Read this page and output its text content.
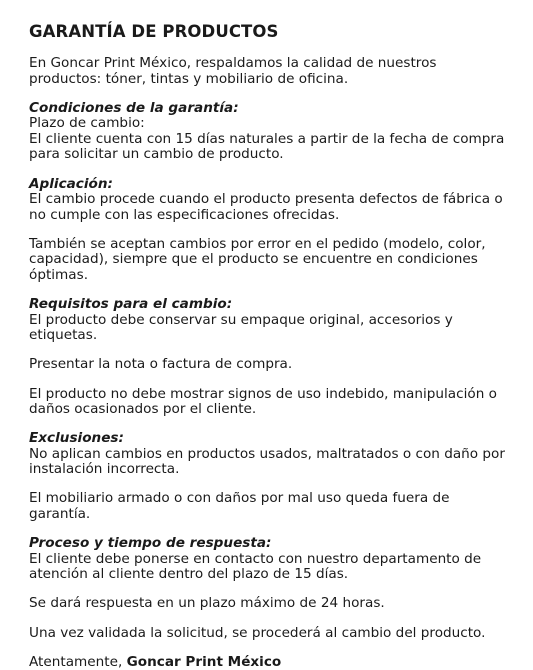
GARANTÍA DE PRODUCTOS
En Goncar Print México, respaldamos la calidad de nuestros productos: tóner, tintas y mobiliario de oficina.
Condiciones de la garantía:
Plazo de cambio:
El cliente cuenta con 15 días naturales a partir de la fecha de compra para solicitar un cambio de producto.
Aplicación:
El cambio procede cuando el producto presenta defectos de fábrica o no cumple con las especificaciones ofrecidas.
También se aceptan cambios por error en el pedido (modelo, color, capacidad), siempre que el producto se encuentre en condiciones óptimas.
Requisitos para el cambio:
El producto debe conservar su empaque original, accesorios y etiquetas.
Presentar la nota o factura de compra.
El producto no debe mostrar signos de uso indebido, manipulación o daños ocasionados por el cliente.
Exclusiones:
No aplican cambios en productos usados, maltratados o con daño por instalación incorrecta.
El mobiliario armado o con daños por mal uso queda fuera de garantía.
Proceso y tiempo de respuesta:
El cliente debe ponerse en contacto con nuestro departamento de atención al cliente dentro del plazo de 15 días.
Se dará respuesta en un plazo máximo de 24 horas.
Una vez validada la solicitud, se procederá al cambio del producto.
Atentamente, Goncar Print México
